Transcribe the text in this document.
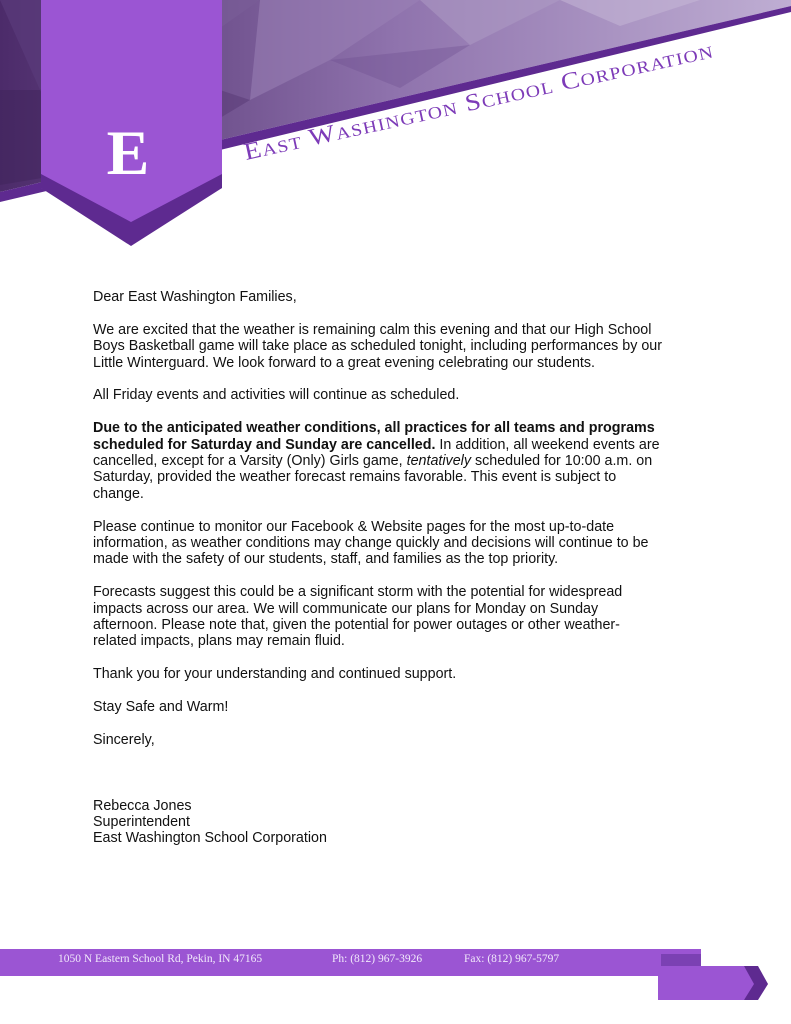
E	East Washington School Corporation

Dear East Washington Families,

We are excited that the weather is remaining calm this evening and that our High School Boys Basketball game will take place as scheduled tonight, including performances by our Little Winterguard. We look forward to a great evening celebrating our students.

All Friday events and activities will continue as scheduled.

Due to the anticipated weather conditions, all practices for all teams and programs scheduled for Saturday and Sunday are cancelled. In addition, all weekend events are cancelled, except for a Varsity (Only) Girls game, tentatively scheduled for 10:00 a.m. on Saturday, provided the weather forecast remains favorable. This event is subject to change.

Please continue to monitor our Facebook & Website pages for the most up-to-date information, as weather conditions may change quickly and decisions will continue to be made with the safety of our students, staff, and families as the top priority.

Forecasts suggest this could be a significant storm with the potential for widespread impacts across our area. We will communicate our plans for Monday on Sunday afternoon. Please note that, given the potential for power outages or other weather-related impacts, plans may remain fluid.

Thank you for your understanding and continued support.

Stay Safe and Warm!

Sincerely,

Rebecca Jones
Superintendent
East Washington School Corporation
1050 N Eastern School Rd, Pekin, IN 47165	Ph: (812) 967-3926	Fax: (812) 967-5797
